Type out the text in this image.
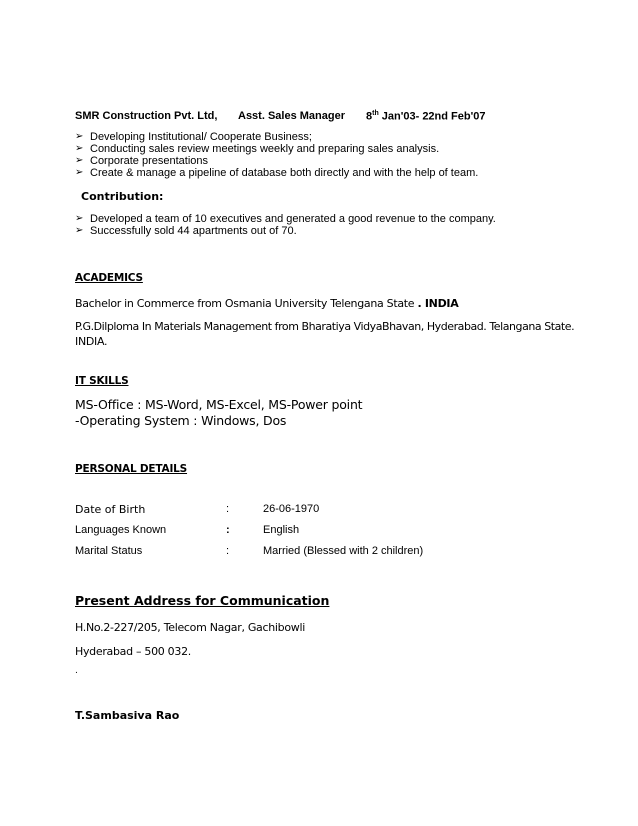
SMR Construction Pvt. Ltd, Asst. Sales Manager 8th Jan'03- 22nd Feb'07
➢ Developing Institutional/ Cooperate Business;
➢ Conducting sales review meetings weekly and preparing sales analysis.
➢ Corporate presentations
➢ Create & manage a pipeline of database both directly and with the help of team.
Contribution:
➢ Developed a team of 10 executives and generated a good revenue to the company.
➢ Successfully sold 44 apartments out of 70.
ACADEMICS
Bachelor in Commerce from Osmania University Telengana State . INDIA
P.G.Dilploma In Materials Management from Bharatiya VidyaBhavan, Hyderabad. Telangana State.
INDIA.
IT SKILLS
MS-Office : MS-Word, MS-Excel, MS-Power point
-Operating System : Windows, Dos
PERSONAL DETAILS
Date of Birth	:	26-06-1970
Languages Known	:	English
Marital Status	:	Married (Blessed with 2 children)
Present Address for Communication
H.No.2-227/205, Telecom Nagar, Gachibowli
Hyderabad – 500 032.
.
T.Sambasiva Rao
